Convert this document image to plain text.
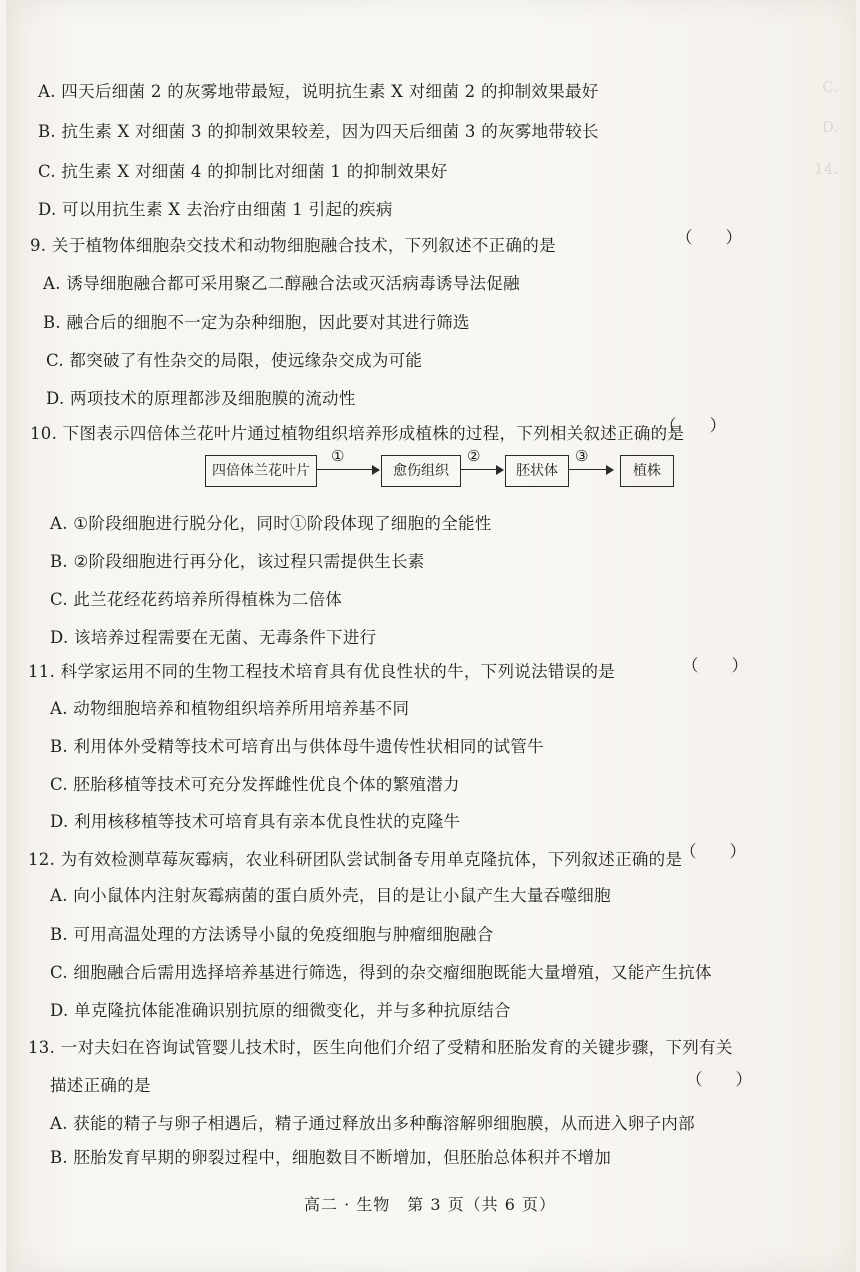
C.
D.
14.
A. 四天后细菌 2 的灰雾地带最短，说明抗生素 X 对细菌 2 的抑制效果最好
B. 抗生素 X 对细菌 3 的抑制效果较差，因为四天后细菌 3 的灰雾地带较长
C. 抗生素 X 对细菌 4 的抑制比对细菌 1 的抑制效果好
D. 可以用抗生素 X 去治疗由细菌 1 引起的疾病
9. 关于植物体细胞杂交技术和动物细胞融合技术，下列叙述不正确的是	（　　）
A. 诱导细胞融合都可采用聚乙二醇融合法或灭活病毒诱导法促融
B. 融合后的细胞不一定为杂种细胞，因此要对其进行筛选
C. 都突破了有性杂交的局限，使远缘杂交成为可能
D. 两项技术的原理都涉及细胞膜的流动性
10. 下图表示四倍体兰花叶片通过植物组织培养形成植株的过程，下列相关叙述正确的是
（　　）
四倍体兰花叶片
①
愈伤组织
②
胚状体
③
植株
A. ①阶段细胞进行脱分化，同时①阶段体现了细胞的全能性
B. ②阶段细胞进行再分化，该过程只需提供生长素
C. 此兰花经花药培养所得植株为二倍体
D. 该培养过程需要在无菌、无毒条件下进行
11. 科学家运用不同的生物工程技术培育具有优良性状的牛，下列说法错误的是	（　　）
A. 动物细胞培养和植物组织培养所用培养基不同
B. 利用体外受精等技术可培育出与供体母牛遗传性状相同的试管牛
C. 胚胎移植等技术可充分发挥雌性优良个体的繁殖潜力
D. 利用核移植等技术可培育具有亲本优良性状的克隆牛
12. 为有效检测草莓灰霉病，农业科研团队尝试制备专用单克隆抗体，下列叙述正确的是
（　　）
A. 向小鼠体内注射灰霉病菌的蛋白质外壳，目的是让小鼠产生大量吞噬细胞
B. 可用高温处理的方法诱导小鼠的免疫细胞与肿瘤细胞融合
C. 细胞融合后需用选择培养基进行筛选，得到的杂交瘤细胞既能大量增殖，又能产生抗体
D. 单克隆抗体能准确识别抗原的细微变化，并与多种抗原结合
13. 一对夫妇在咨询试管婴儿技术时，医生向他们介绍了受精和胚胎发育的关键步骤，下列有关
描述正确的是	（　　）
A. 获能的精子与卵子相遇后，精子通过释放出多种酶溶解卵细胞膜，从而进入卵子内部
B. 胚胎发育早期的卵裂过程中，细胞数目不断增加，但胚胎总体积并不增加
高二 · 生物　第 3 页（共 6 页）
